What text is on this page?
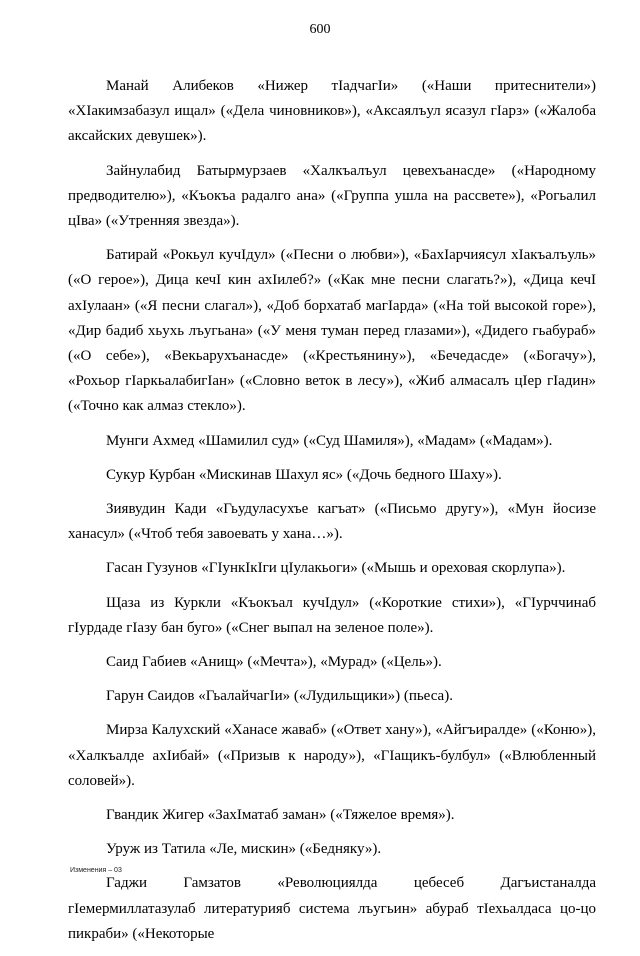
600

Манай Алибеков «Нижер тIадчагIи» («Наши притеснители») «XIакимзабазул ищал» («Дела чиновников»), «Аксаялъул ясазул гIарз» («Жалоба аксайских девушек»).

Зайнулабид Батырмурзаев «Халкъалъул цевехъанасде» («Народному предводителю»), «Къокъа радалго ана» («Группа ушла на рассвете»), «Рогьалил цIва» («Утренняя звезда»).

Батирай «Рокьул кучIдул» («Песни о любви»), «БахIарчиясул хIакъалъуль» («О герое»), Дица кечI кин ахIилеб?» («Как мне песни слагать?»), «Дица кечI ахIулаан» («Я песни слагал»), «Доб борхатаб магIарда» («На той высокой горе»), «Дир бадиб хьухь лъугьана» («У меня туман перед глазами»), «Дидего гьабураб» («О себе»), «Векьарухъанасде» («Крестьянину»), «Бечедасде» («Богачу»), «Рохьор гIаркьалабигIан» («Словно веток в лесу»), «Жиб алмасалъ цIер гIадин» («Точно как алмаз стекло»).

Мунги Ахмед «Шамилил суд» («Суд Шамиля»), «Мадам» («Мадам»).

Сукур Курбан «Мискинав Шахул яс» («Дочь бедного Шаху»).

Зиявудин Кади «Гьудуласухъе кагъат» («Письмо другу»), «Мун йосизе ханасул» («Чтоб тебя завоевать у хана…»).

Гасан Гузунов «ГIункIкIги цIулакьоги» («Мышь и ореховая скорлупа»).

Щаза из Куркли «Къокъал кучIдул» («Короткие стихи»), «ГIурччинаб гIурдаде гIазу бан буго» («Снег выпал на зеленое поле»).

Саид Габиев «Анищ» («Мечта»), «Мурад» («Цель»).

Гарун Саидов «ГьалайчагIи» («Лудильщики») (пьеса).

Мирза Калухский «Ханасе жаваб» («Ответ хану»), «Айгъиралде» («Коню»), «Халкъалде ахIибай» («Призыв к народу»), «ГIащикъ-булбул» («Влюбленный соловей»).

Гвандик Жигер «ЗахIматаб заман» («Тяжелое время»).

Уруж из Татила «Ле, мискин» («Бедняку»).

Гаджи Гамзатов «Революциялда цебесеб Дагъистаналда гIемермиллатазулаб литературияб система лъугьин» абураб тIехьалдаса цо-цо пикраби» («Некоторые

Изменения – 03
